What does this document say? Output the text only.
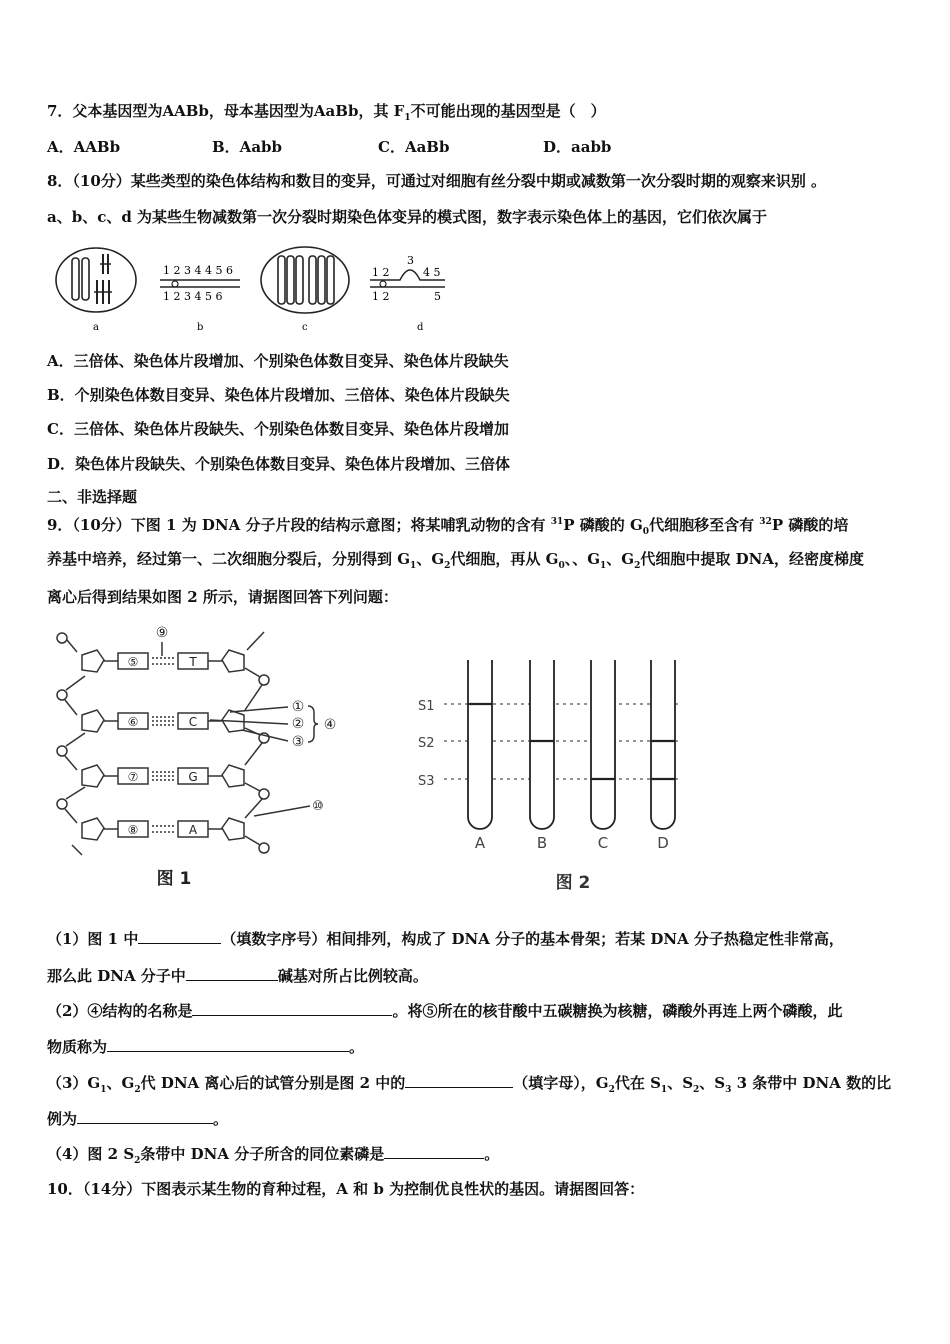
7．父本基因型为AABb，母本基因型为AaBb，其 $F_1$不可能出现的基因型是（　）
A．AABb	B．Aabb	C．AaBb	D．aabb
8．（10分）某些类型的染色体结构和数目的变异，可通过对细胞有丝分裂中期或减数第一次分裂时期的观察来识别 。
a、b、c、d 为某些生物减数第一次分裂时期染色体变异的模式图，数字表示染色体上的基因，它们依次属于
a
1 2 3 4 4 5 6
1 2 3 4 5 6
b	c
1 2
3
4 5
1 2	5
d
A．三倍体、染色体片段增加、个别染色体数目变异、染色体片段缺失
B．个别染色体数目变异、染色体片段增加、三倍体、染色体片段缺失
C．三倍体、染色体片段缺失、个别染色体数目变异、染色体片段增加
D．染色体片段缺失、个别染色体数目变异、染色体片段增加、三倍体
二、非选择题
9．（10分）下图 1 为 DNA 分子片段的结构示意图；将某哺乳动物的含有 $^{31}$P 磷酸的 $G_0$代细胞移至含有 $^{32}$P 磷酸的培
养基中培养，经过第一、二次细胞分裂后，分别得到 $G_1$、$G_2$代细胞，再从 $G_0$、、$G_1$、$G_2$代细胞中提取 DNA，经密度梯度
离心后得到结果如图 2 所示，请据图回答下列问题：
⑤
⑥
⑦
⑧
T
C
G
A
⑨
①
②
③
④
⑩
图 1
S1
S2
S3
A	B	C	D
图 2
（1）图 1 中	（填数字序号）相间排列，构成了 DNA 分子的基本骨架；若某 DNA 分子热稳定性非常高，
那么此 DNA 分子中	碱基对所占比例较高。
（2）④结构的名称是	。将⑤所在的核苷酸中五碳糖换为核糖，磷酸外再连上两个磷酸，此
物质称为	。
$(3)G_1$、$G_2$代 DNA 离心后的试管分别是图 2 中的	（填字母），$G_2$代在 $S_1$、$S_2$、$S_3$ 3 条带中 DNA 数的比
例为	。
（4）图 2 $S_2$条带中 DNA 分子所含的同位素磷是	。
10．（14分）下图表示某生物的育种过程，A 和 b 为控制优良性状的基因。请据图回答：
